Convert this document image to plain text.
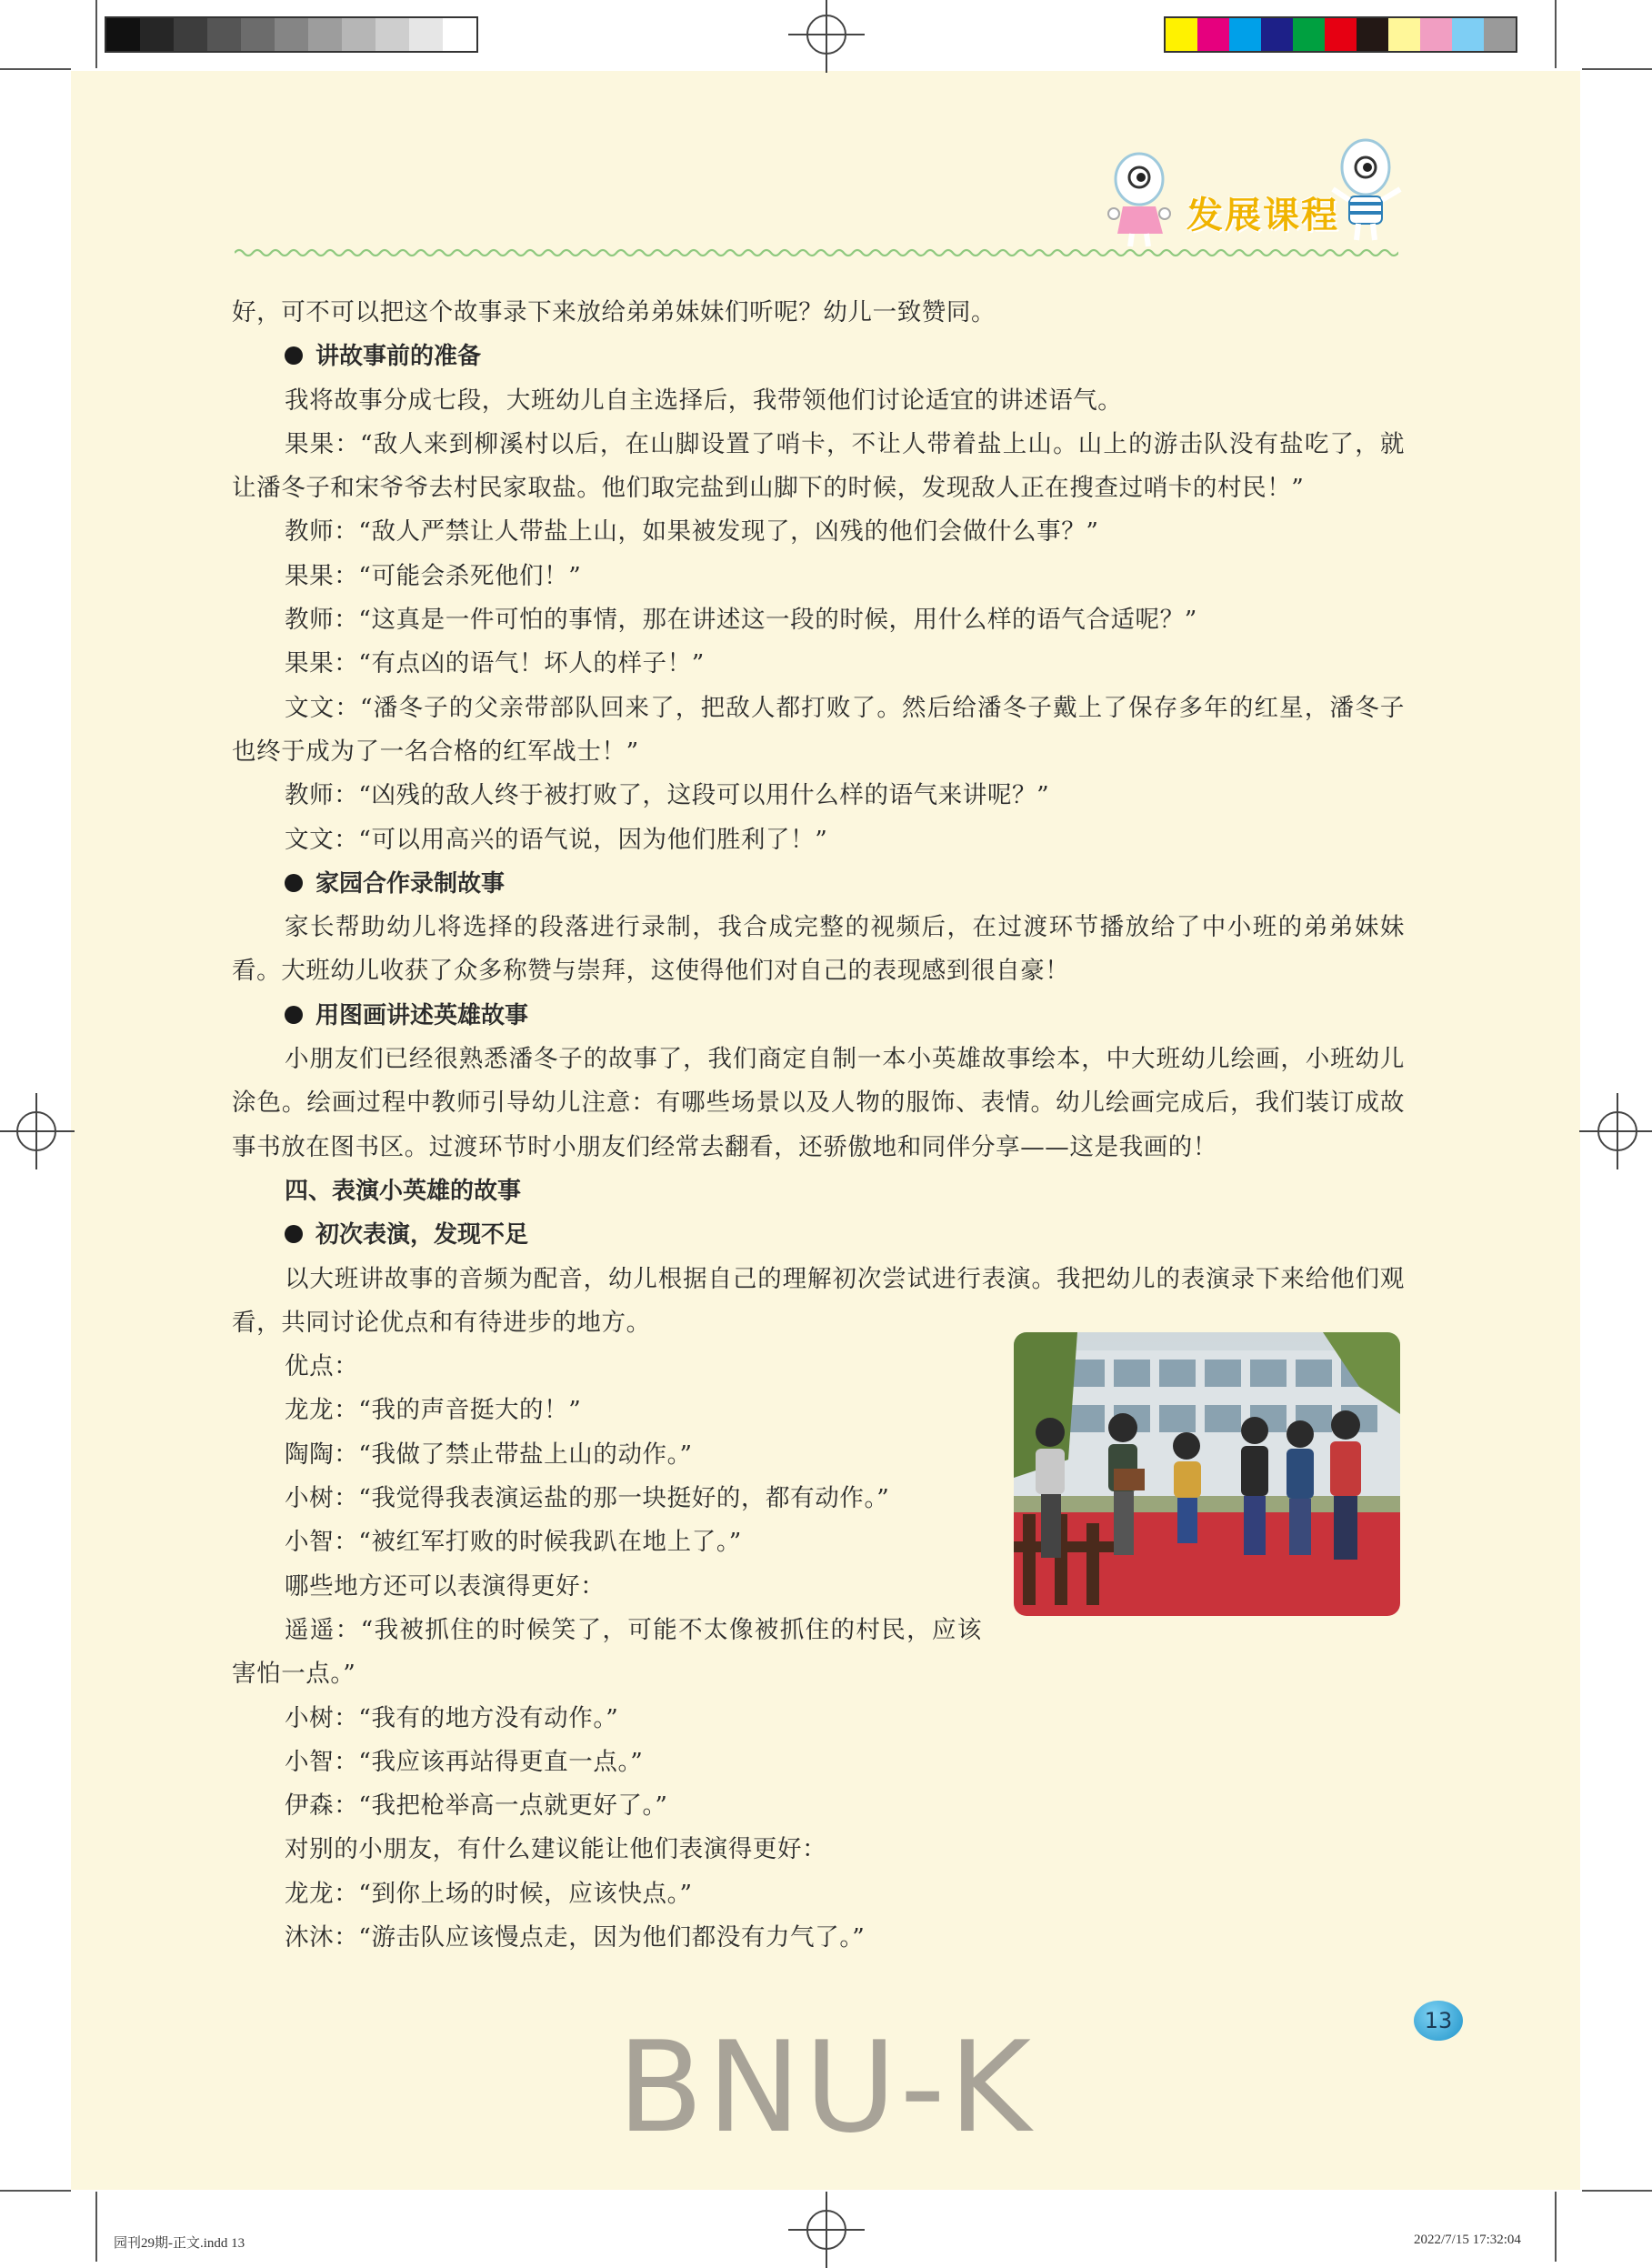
发展课程

好，可不可以把这个故事录下来放给弟弟妹妹们听呢？幼儿一致赞同。

讲故事前的准备

我将故事分成七段，大班幼儿自主选择后，我带领他们讨论适宜的讲述语气。

果果：“敌人来到柳溪村以后，在山脚设置了哨卡，不让人带着盐上山。山上的游击队没有盐吃了，就让潘冬子和宋爷爷去村民家取盐。他们取完盐到山脚下的时候，发现敌人正在搜查过哨卡的村民！”

教师：“敌人严禁让人带盐上山，如果被发现了，凶残的他们会做什么事？”

果果：“可能会杀死他们！”

教师：“这真是一件可怕的事情，那在讲述这一段的时候，用什么样的语气合适呢？”

果果：“有点凶的语气！坏人的样子！”

文文：“潘冬子的父亲带部队回来了，把敌人都打败了。然后给潘冬子戴上了保存多年的红星，潘冬子也终于成为了一名合格的红军战士！”

教师：“凶残的敌人终于被打败了，这段可以用什么样的语气来讲呢？”

文文：“可以用高兴的语气说，因为他们胜利了！”

家园合作录制故事

家长帮助幼儿将选择的段落进行录制，我合成完整的视频后，在过渡环节播放给了中小班的弟弟妹妹看。大班幼儿收获了众多称赞与崇拜，这使得他们对自己的表现感到很自豪！

用图画讲述英雄故事

小朋友们已经很熟悉潘冬子的故事了，我们商定自制一本小英雄故事绘本，中大班幼儿绘画，小班幼儿涂色。绘画过程中教师引导幼儿注意：有哪些场景以及人物的服饰、表情。幼儿绘画完成后，我们装订成故事书放在图书区。过渡环节时小朋友们经常去翻看，还骄傲地和同伴分享——这是我画的！

四、表演小英雄的故事

初次表演，发现不足

以大班讲故事的音频为配音，幼儿根据自己的理解初次尝试进行表演。我把幼儿的表演录下来给他们观看，共同讨论优点和有待进步的地方。

优点：

龙龙：“我的声音挺大的！”

陶陶：“我做了禁止带盐上山的动作。”

小树：“我觉得我表演运盐的那一块挺好的，都有动作。”

小智：“被红军打败的时候我趴在地上了。”

哪些地方还可以表演得更好：

遥遥：“我被抓住的时候笑了，可能不太像被抓住的村民，应该害怕一点。”

小树：“我有的地方没有动作。”

小智：“我应该再站得更直一点。”

伊森：“我把枪举高一点就更好了。”

对别的小朋友，有什么建议能让他们表演得更好：

龙龙：“到你上场的时候，应该快点。”

沐沐：“游击队应该慢点走，因为他们都没有力气了。”

13
BNU-K
园刊29期-正文.indd 13	2022/7/15 17:32:04
